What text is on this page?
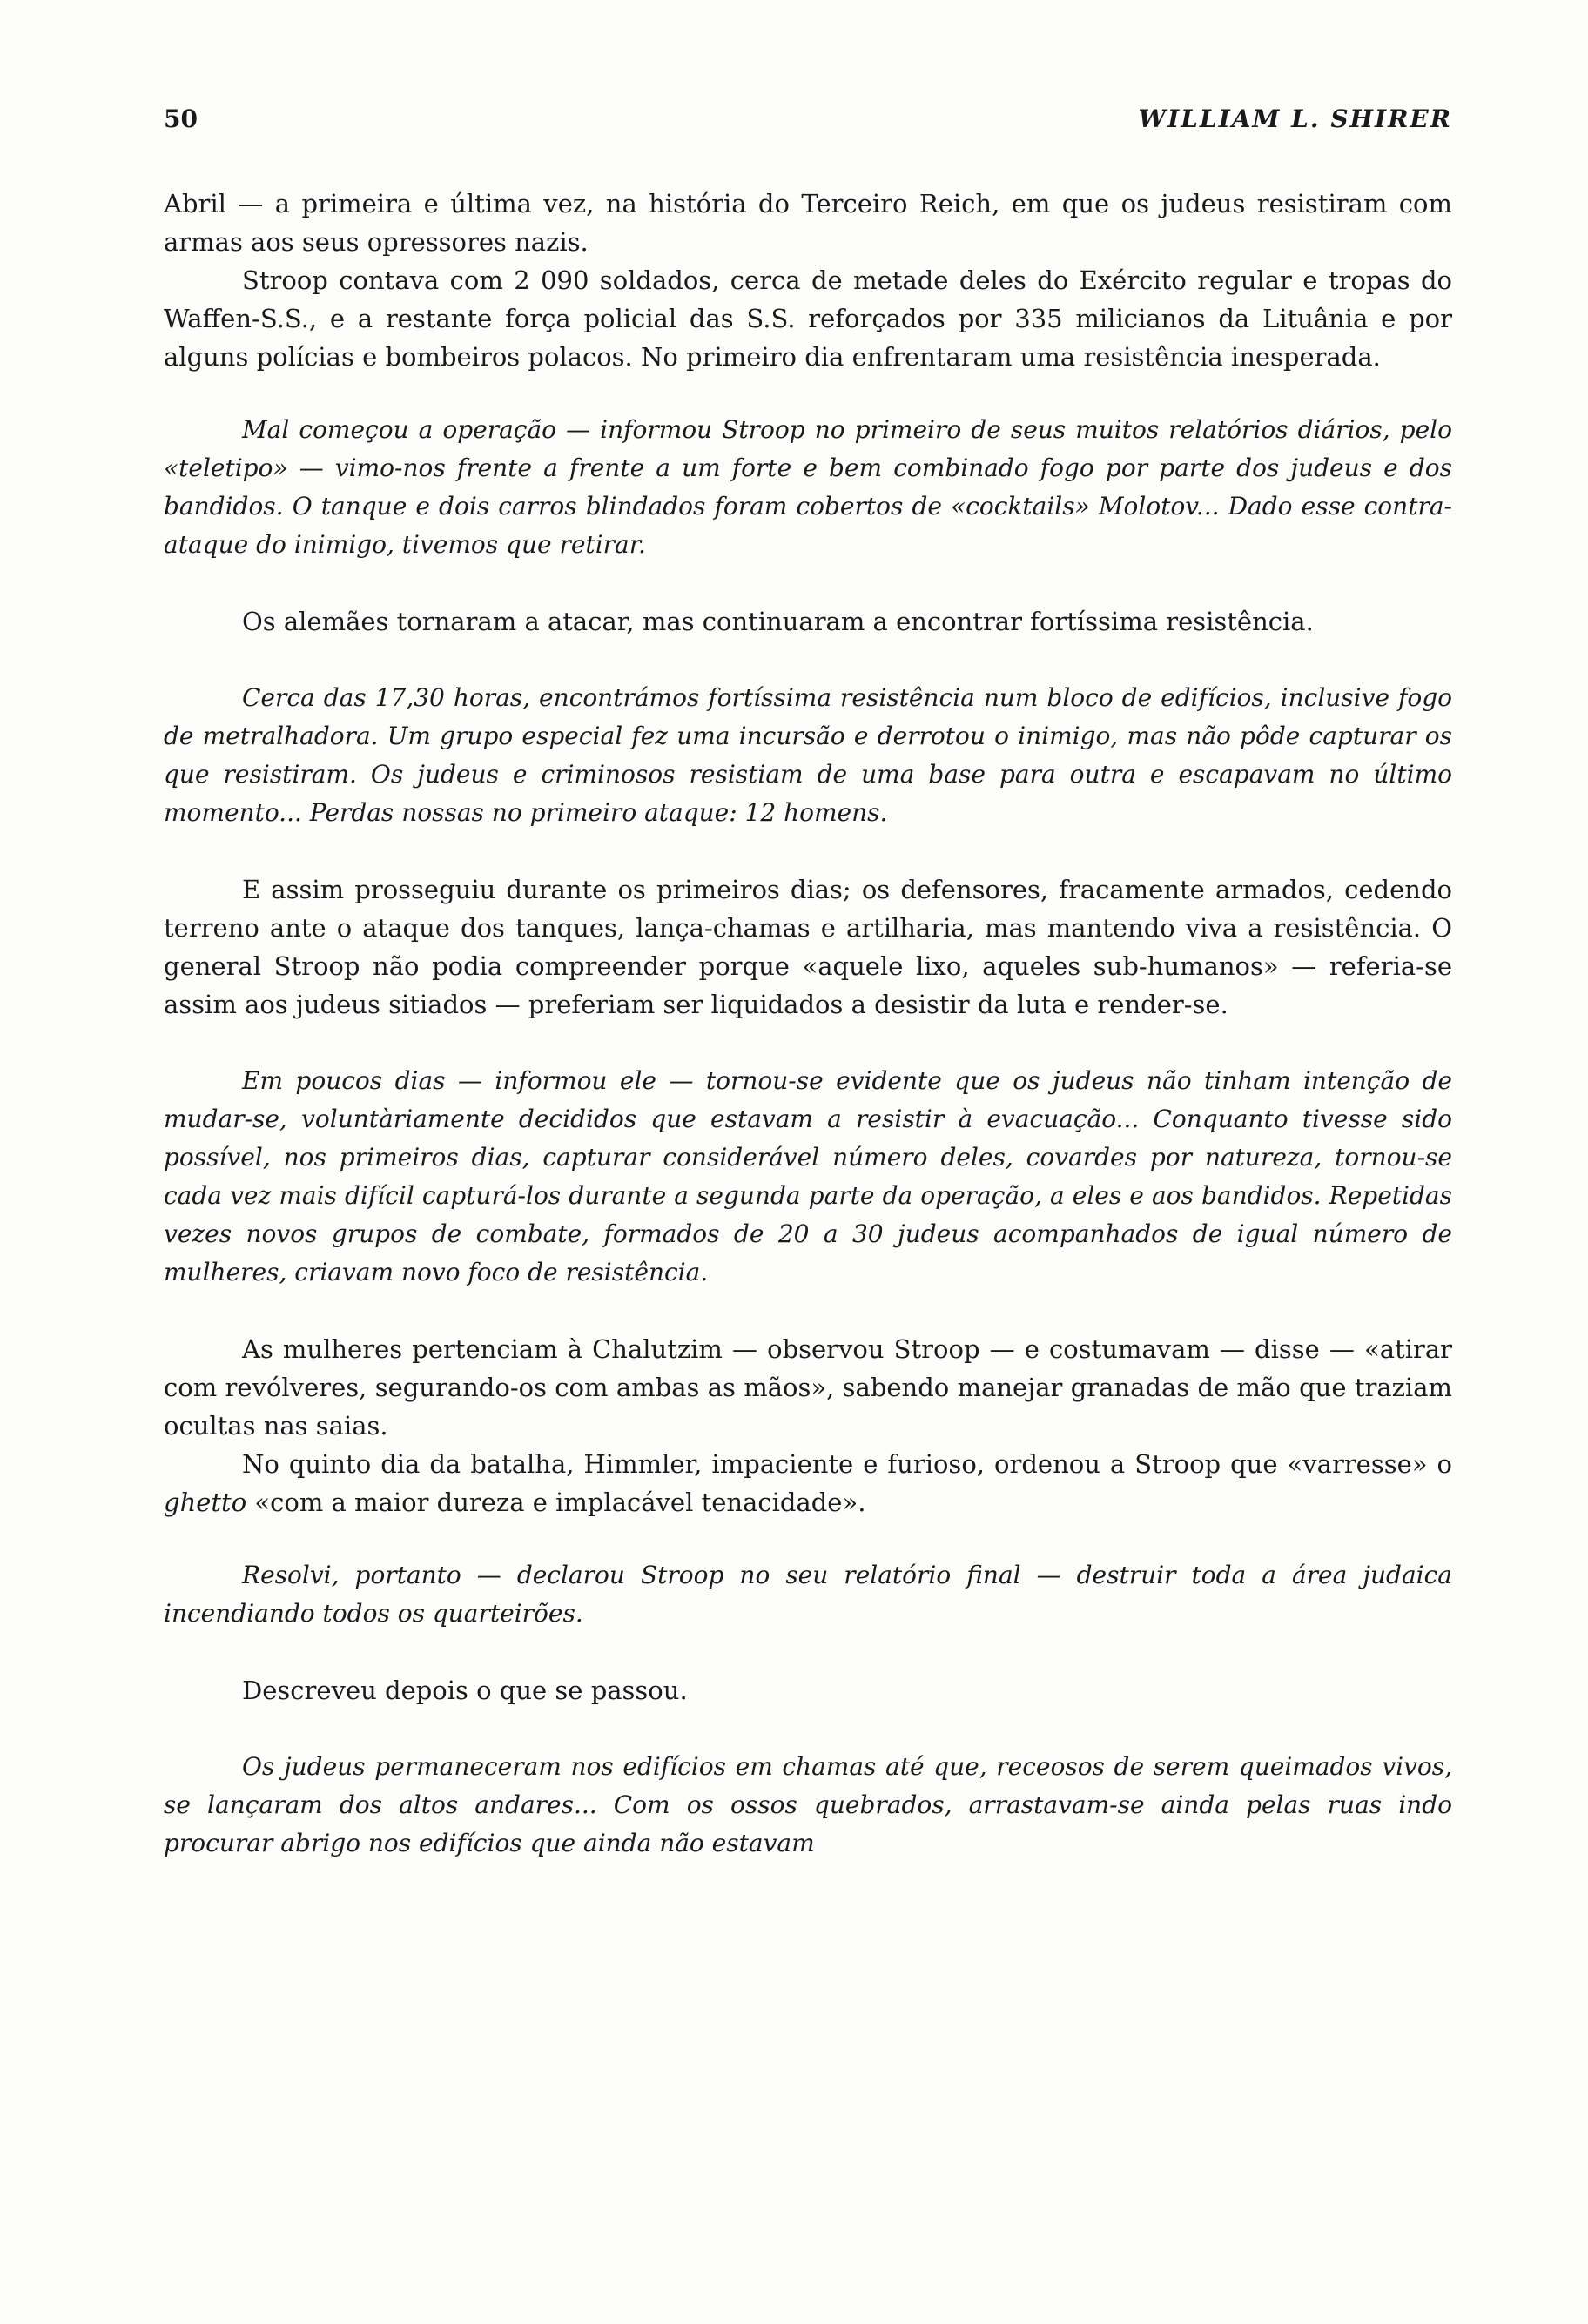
50	WILLIAM L. SHIRER

Abril — a primeira e última vez, na história do Terceiro Reich, em que os judeus resistiram com armas aos seus opressores nazis.

Stroop contava com 2 090 soldados, cerca de metade deles do Exército regular e tropas do Waffen-S.S., e a restante força policial das S.S. reforçados por 335 milicianos da Lituânia e por alguns polícias e bombeiros polacos. No primeiro dia enfrentaram uma resistência inesperada.

Mal começou a operação — informou Stroop no primeiro de seus muitos relatórios diários, pelo «teletipo» — vimo-nos frente a frente a um forte e bem combinado fogo por parte dos judeus e dos bandidos. O tanque e dois carros blindados foram cobertos de «cocktails» Molotov... Dado esse contra-ataque do inimigo, tivemos que retirar.

Os alemães tornaram a atacar, mas continuaram a encontrar fortíssima resistência.

Cerca das 17,30 horas, encontrámos fortíssima resistência num bloco de edifícios, inclusive fogo de metralhadora. Um grupo especial fez uma incursão e derrotou o inimigo, mas não pôde capturar os que resistiram. Os judeus e criminosos resistiam de uma base para outra e escapavam no último momento... Perdas nossas no primeiro ataque: 12 homens.

E assim prosseguiu durante os primeiros dias; os defensores, fracamente armados, cedendo terreno ante o ataque dos tanques, lança-chamas e artilharia, mas mantendo viva a resistência. O general Stroop não podia compreender porque «aquele lixo, aqueles sub-humanos» — referia-se assim aos judeus sitiados — preferiam ser liquidados a desistir da luta e render-se.

Em poucos dias — informou ele — tornou-se evidente que os judeus não tinham intenção de mudar-se, voluntàriamente decididos que estavam a resistir à evacuação... Conquanto tivesse sido possível, nos primeiros dias, capturar considerável número deles, covardes por natureza, tornou-se cada vez mais difícil capturá-los durante a segunda parte da operação, a eles e aos bandidos. Repetidas vezes novos grupos de combate, formados de 20 a 30 judeus acompanhados de igual número de mulheres, criavam novo foco de resistência.

As mulheres pertenciam à Chalutzim — observou Stroop — e costumavam — disse — «atirar com revólveres, segurando-os com ambas as mãos», sabendo manejar granadas de mão que traziam ocultas nas saias.

No quinto dia da batalha, Himmler, impaciente e furioso, ordenou a Stroop que «varresse» o ghetto «com a maior dureza e implacável tenacidade».

Resolvi, portanto — declarou Stroop no seu relatório final — destruir toda a área judaica incendiando todos os quarteirões.

Descreveu depois o que se passou.

Os judeus permaneceram nos edifícios em chamas até que, receosos de serem queimados vivos, se lançaram dos altos andares... Com os ossos quebrados, arrastavam-se ainda pelas ruas indo procurar abrigo nos edifícios que ainda não estavam
